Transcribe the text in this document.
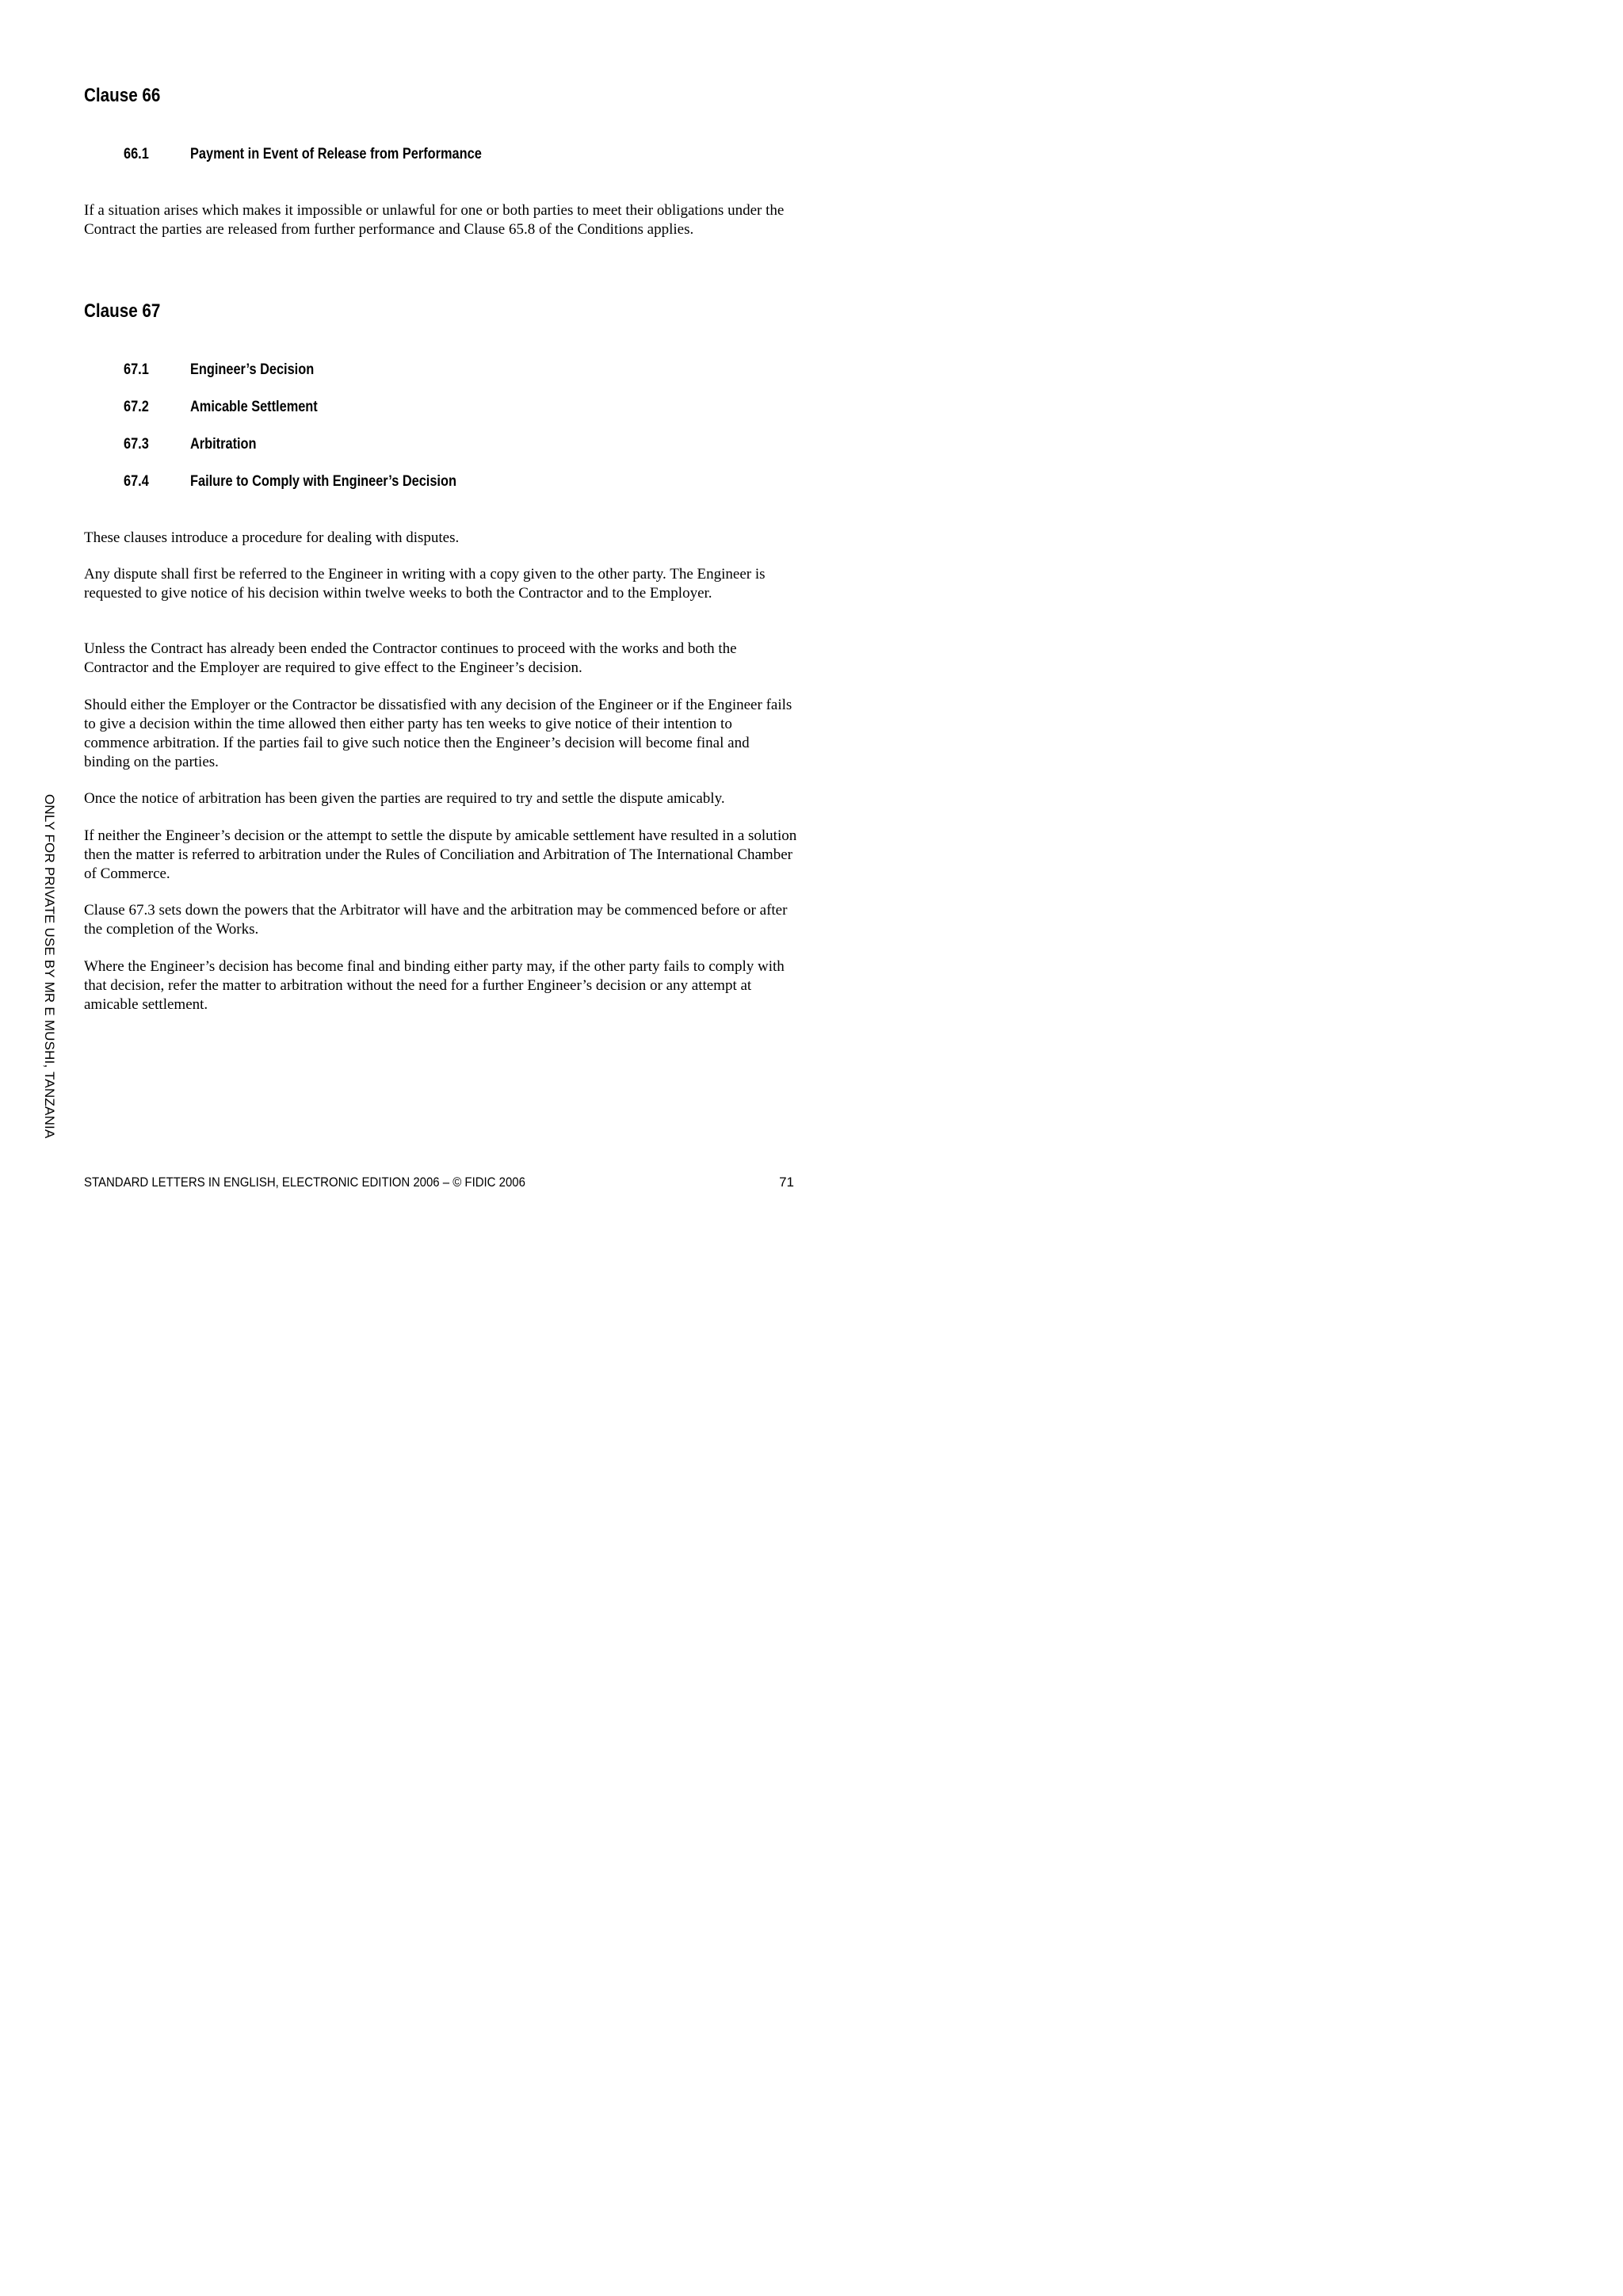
Clause 66
66.1	Payment in Event of Release from Performance

If a situation arises which makes it impossible or unlawful for one or both parties to meet their obligations under the Contract the parties are released from further performance and Clause 65.8 of the Conditions applies.

Clause 67
67.1	Engineer’s Decision
67.2	Amicable Settlement
67.3	Arbitration
67.4	Failure to Comply with Engineer’s Decision

These clauses introduce a procedure for dealing with disputes.

Any dispute shall first be referred to the Engineer in writing with a copy given to the other party. The Engineer is requested to give notice of his decision within twelve weeks to both the Contractor and to the Employer.

Unless the Contract has already been ended the Contractor continues to proceed with the works and both the Contractor and the Employer are required to give effect to the Engineer’s decision.

Should either the Employer or the Contractor be dissatisfied with any decision of the Engineer or if the Engineer fails to give a decision within the time allowed then either party has ten weeks to give notice of their intention to commence arbitration. If the parties fail to give such notice then the Engineer’s decision will become final and binding on the parties.

Once the notice of arbitration has been given the parties are required to try and settle the dispute amicably.

If neither the Engineer’s decision or the attempt to settle the dispute by amicable settlement have resulted in a solution then the matter is referred to arbitration under the Rules of Conciliation and Arbitration of The International Chamber of Commerce.

Clause 67.3 sets down the powers that the Arbitrator will have and the arbitration may be commenced before or after the completion of the Works.

Where the Engineer’s decision has become final and binding either party may, if the other party fails to comply with that decision, refer the matter to arbitration without the need for a further Engineer’s decision or any attempt at amicable settlement.

ONLY FOR PRIVATE USE BY MR E MUSHI, TANZANIA
STANDARD LETTERS IN ENGLISH, ELECTRONIC EDITION 2006 – © FIDIC 2006	71
